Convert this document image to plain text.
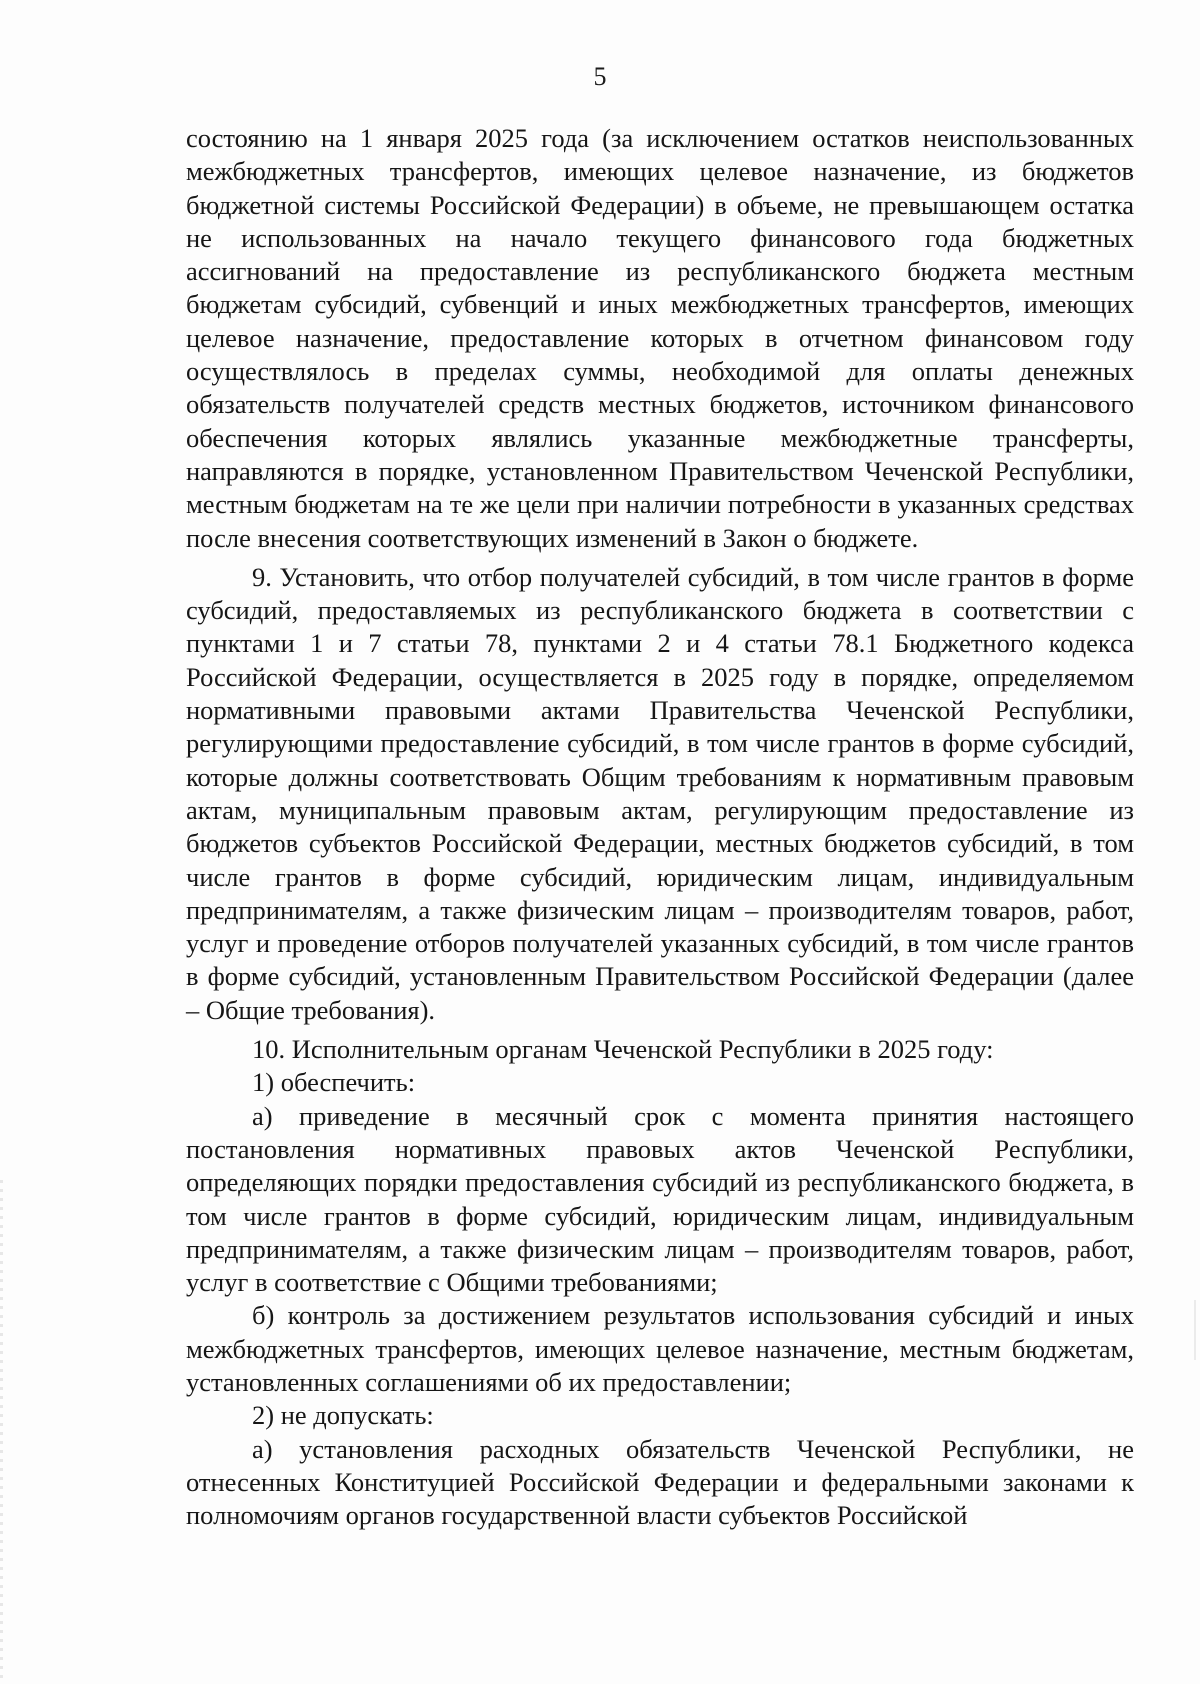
5

состоянию на 1 января 2025 года (за исключением остатков неиспользованных межбюджетных трансфертов, имеющих целевое назначение, из бюджетов бюджетной системы Российской Федерации) в объеме, не превышающем остатка не использованных на начало текущего финансового года бюджетных ассигнований на предоставление из республиканского бюджета местным бюджетам субсидий, субвенций и иных межбюджетных трансфертов, имеющих целевое назначение, предоставление которых в отчетном финансовом году осуществлялось в пределах суммы, необходимой для оплаты денежных обязательств получателей средств местных бюджетов, источником финансового обеспечения которых являлись указанные межбюджетные трансферты, направляются в порядке, установленном Правительством Чеченской Республики, местным бюджетам на те же цели при наличии потребности в указанных средствах после внесения соответствующих изменений в Закон о бюджете.

9. Установить, что отбор получателей субсидий, в том числе грантов в форме субсидий, предоставляемых из республиканского бюджета в соответствии с пунктами 1 и 7 статьи 78, пунктами 2 и 4 статьи 78.1 Бюджетного кодекса Российской Федерации, осуществляется в 2025 году в порядке, определяемом нормативными правовыми актами Правительства Чеченской Республики, регулирующими предоставление субсидий, в том числе грантов в форме субсидий, которые должны соответствовать Общим требованиям к нормативным правовым актам, муниципальным правовым актам, регулирующим предоставление из бюджетов субъектов Российской Федерации, местных бюджетов субсидий, в том числе грантов в форме субсидий, юридическим лицам, индивидуальным предпринимателям, а также физическим лицам – производителям товаров, работ, услуг и проведение отборов получателей указанных субсидий, в том числе грантов в форме субсидий, установленным Правительством Российской Федерации (далее – Общие требования).

10. Исполнительным органам Чеченской Республики в 2025 году:

1) обеспечить:

а) приведение в месячный срок с момента принятия настоящего постановления нормативных правовых актов Чеченской Республики, определяющих порядки предоставления субсидий из республиканского бюджета, в том числе грантов в форме субсидий, юридическим лицам, индивидуальным предпринимателям, а также физическим лицам – производителям товаров, работ, услуг в соответствие с Общими требованиями;

б) контроль за достижением результатов использования субсидий и иных межбюджетных трансфертов, имеющих целевое назначение, местным бюджетам, установленных соглашениями об их предоставлении;

2) не допускать:

а) установления расходных обязательств Чеченской Республики, не отнесенных Конституцией Российской Федерации и федеральными законами к полномочиям органов государственной власти субъектов Российской
